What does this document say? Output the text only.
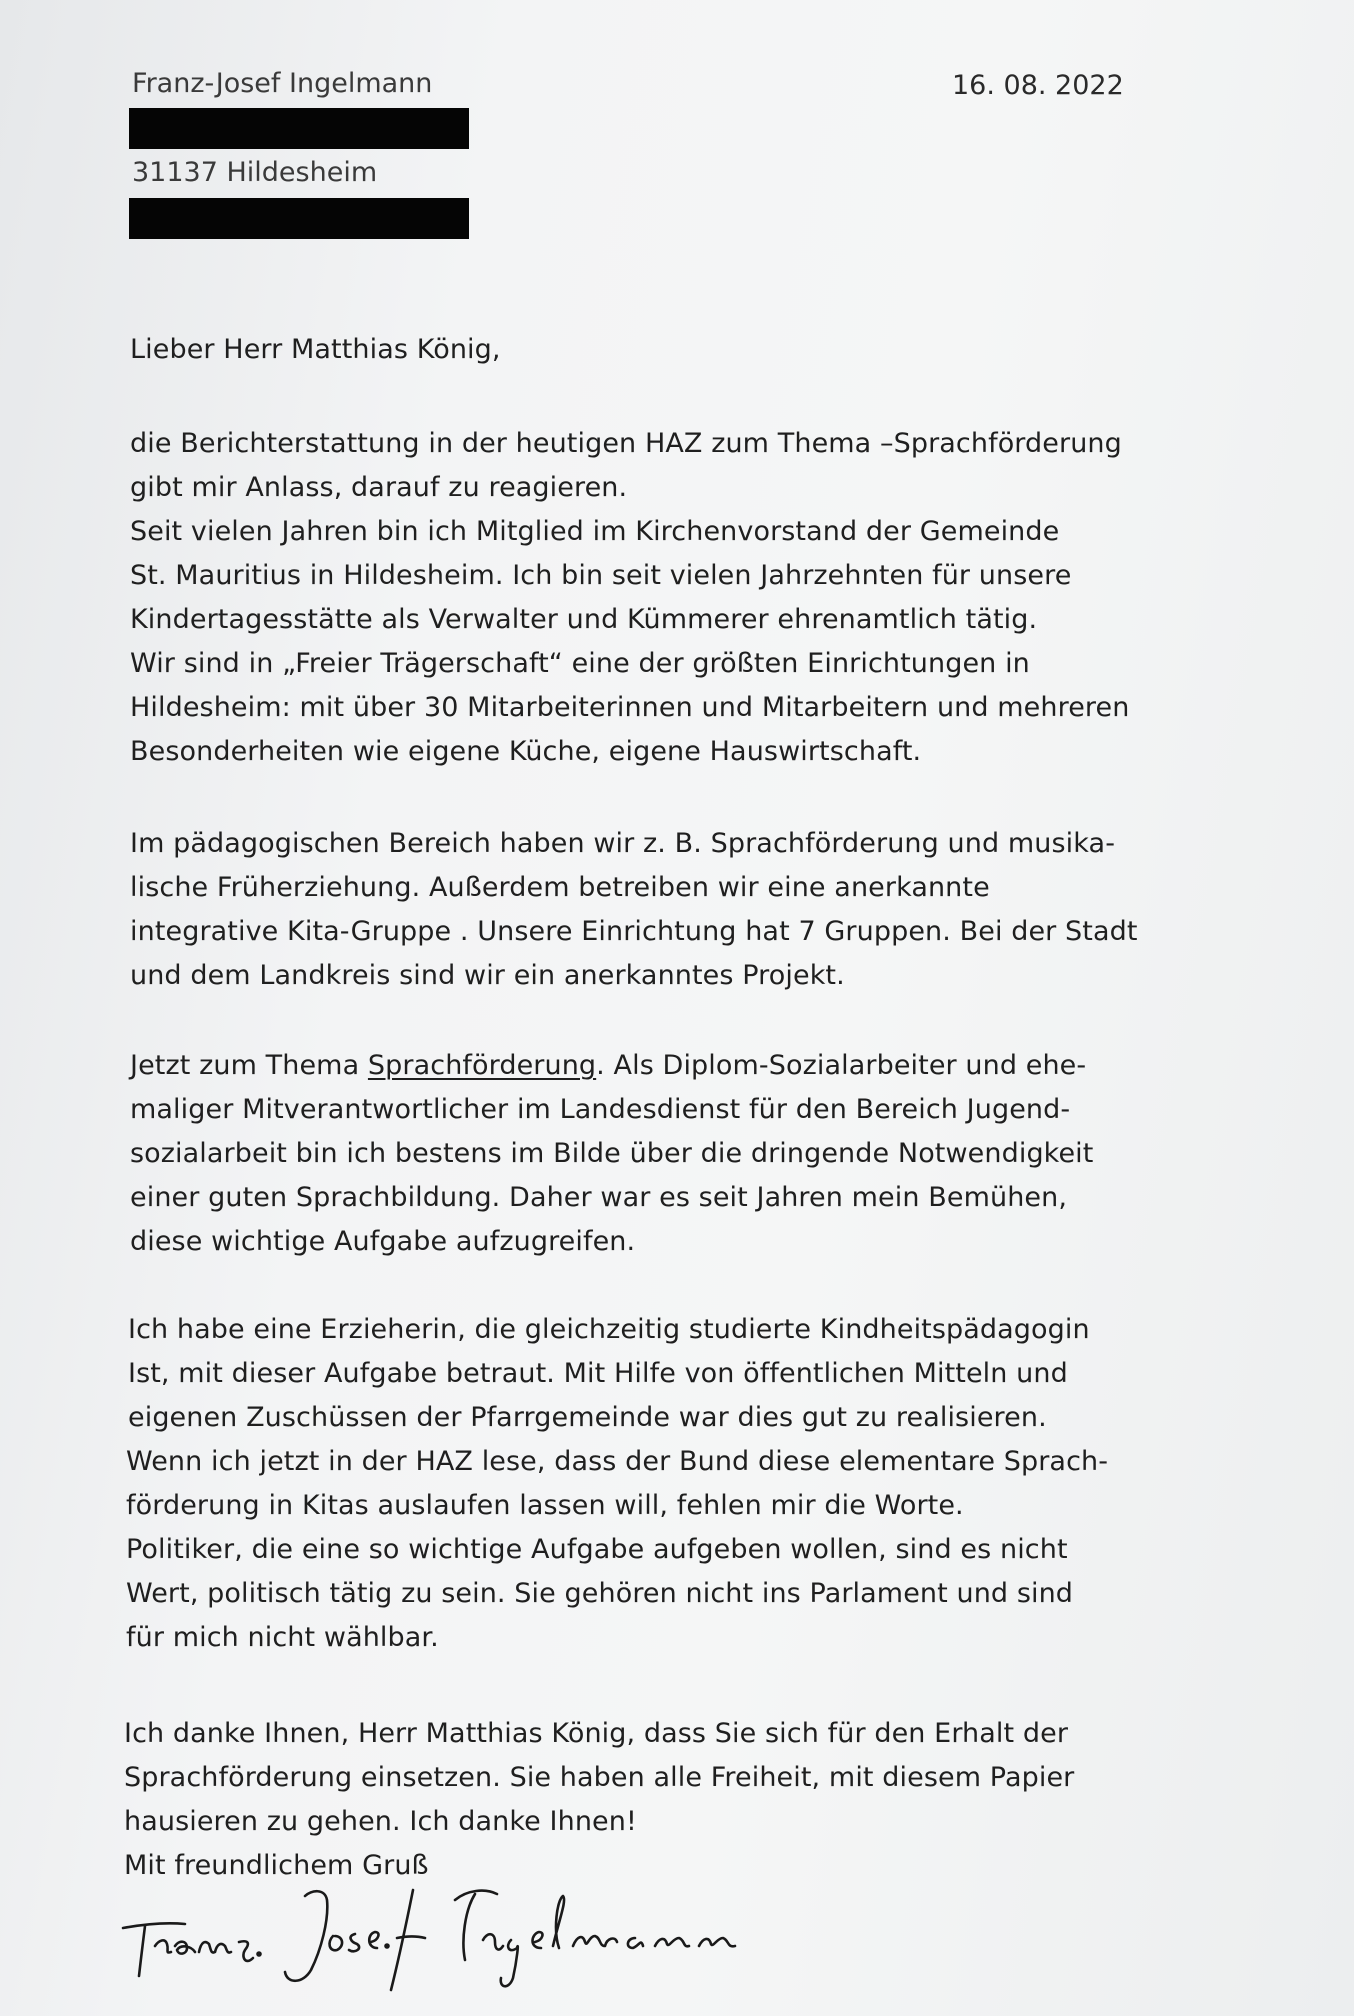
Franz-Josef Ingelmann	16. 08. 2022
31137 Hildesheim
Lieber Herr Matthias König,
die Berichterstattung in der heutigen HAZ zum Thema –Sprachförderung
gibt mir Anlass, darauf zu reagieren.
Seit vielen Jahren bin ich Mitglied im Kirchenvorstand der Gemeinde
St. Mauritius in Hildesheim. Ich bin seit vielen Jahrzehnten für unsere
Kindertagesstätte als Verwalter und Kümmerer ehrenamtlich tätig.
Wir sind in „Freier Trägerschaft“ eine der größten Einrichtungen in
Hildesheim: mit über 30 Mitarbeiterinnen und Mitarbeitern und mehreren
Besonderheiten wie eigene Küche, eigene Hauswirtschaft.
Im pädagogischen Bereich haben wir z. B. Sprachförderung und musika-
lische Früherziehung. Außerdem betreiben wir eine anerkannte
integrative Kita-Gruppe . Unsere Einrichtung hat 7 Gruppen. Bei der Stadt
und dem Landkreis sind wir ein anerkanntes Projekt.
Jetzt zum Thema Sprachförderung. Als Diplom-Sozialarbeiter und ehe-
maliger Mitverantwortlicher im Landesdienst für den Bereich Jugend-
sozialarbeit bin ich bestens im Bilde über die dringende Notwendigkeit
einer guten Sprachbildung. Daher war es seit Jahren mein Bemühen,
diese wichtige Aufgabe aufzugreifen.
Ich habe eine Erzieherin, die gleichzeitig studierte Kindheitspädagogin
Ist, mit dieser Aufgabe betraut. Mit Hilfe von öffentlichen Mitteln und
eigenen Zuschüssen der Pfarrgemeinde war dies gut zu realisieren.
Wenn ich jetzt in der HAZ lese, dass der Bund diese elementare Sprach-
förderung in Kitas auslaufen lassen will, fehlen mir die Worte.
Politiker, die eine so wichtige Aufgabe aufgeben wollen, sind es nicht
Wert, politisch tätig zu sein. Sie gehören nicht ins Parlament und sind
für mich nicht wählbar.
Ich danke Ihnen, Herr Matthias König, dass Sie sich für den Erhalt der
Sprachförderung einsetzen. Sie haben alle Freiheit, mit diesem Papier
hausieren zu gehen. Ich danke Ihnen!
Mit freundlichem Gruß
